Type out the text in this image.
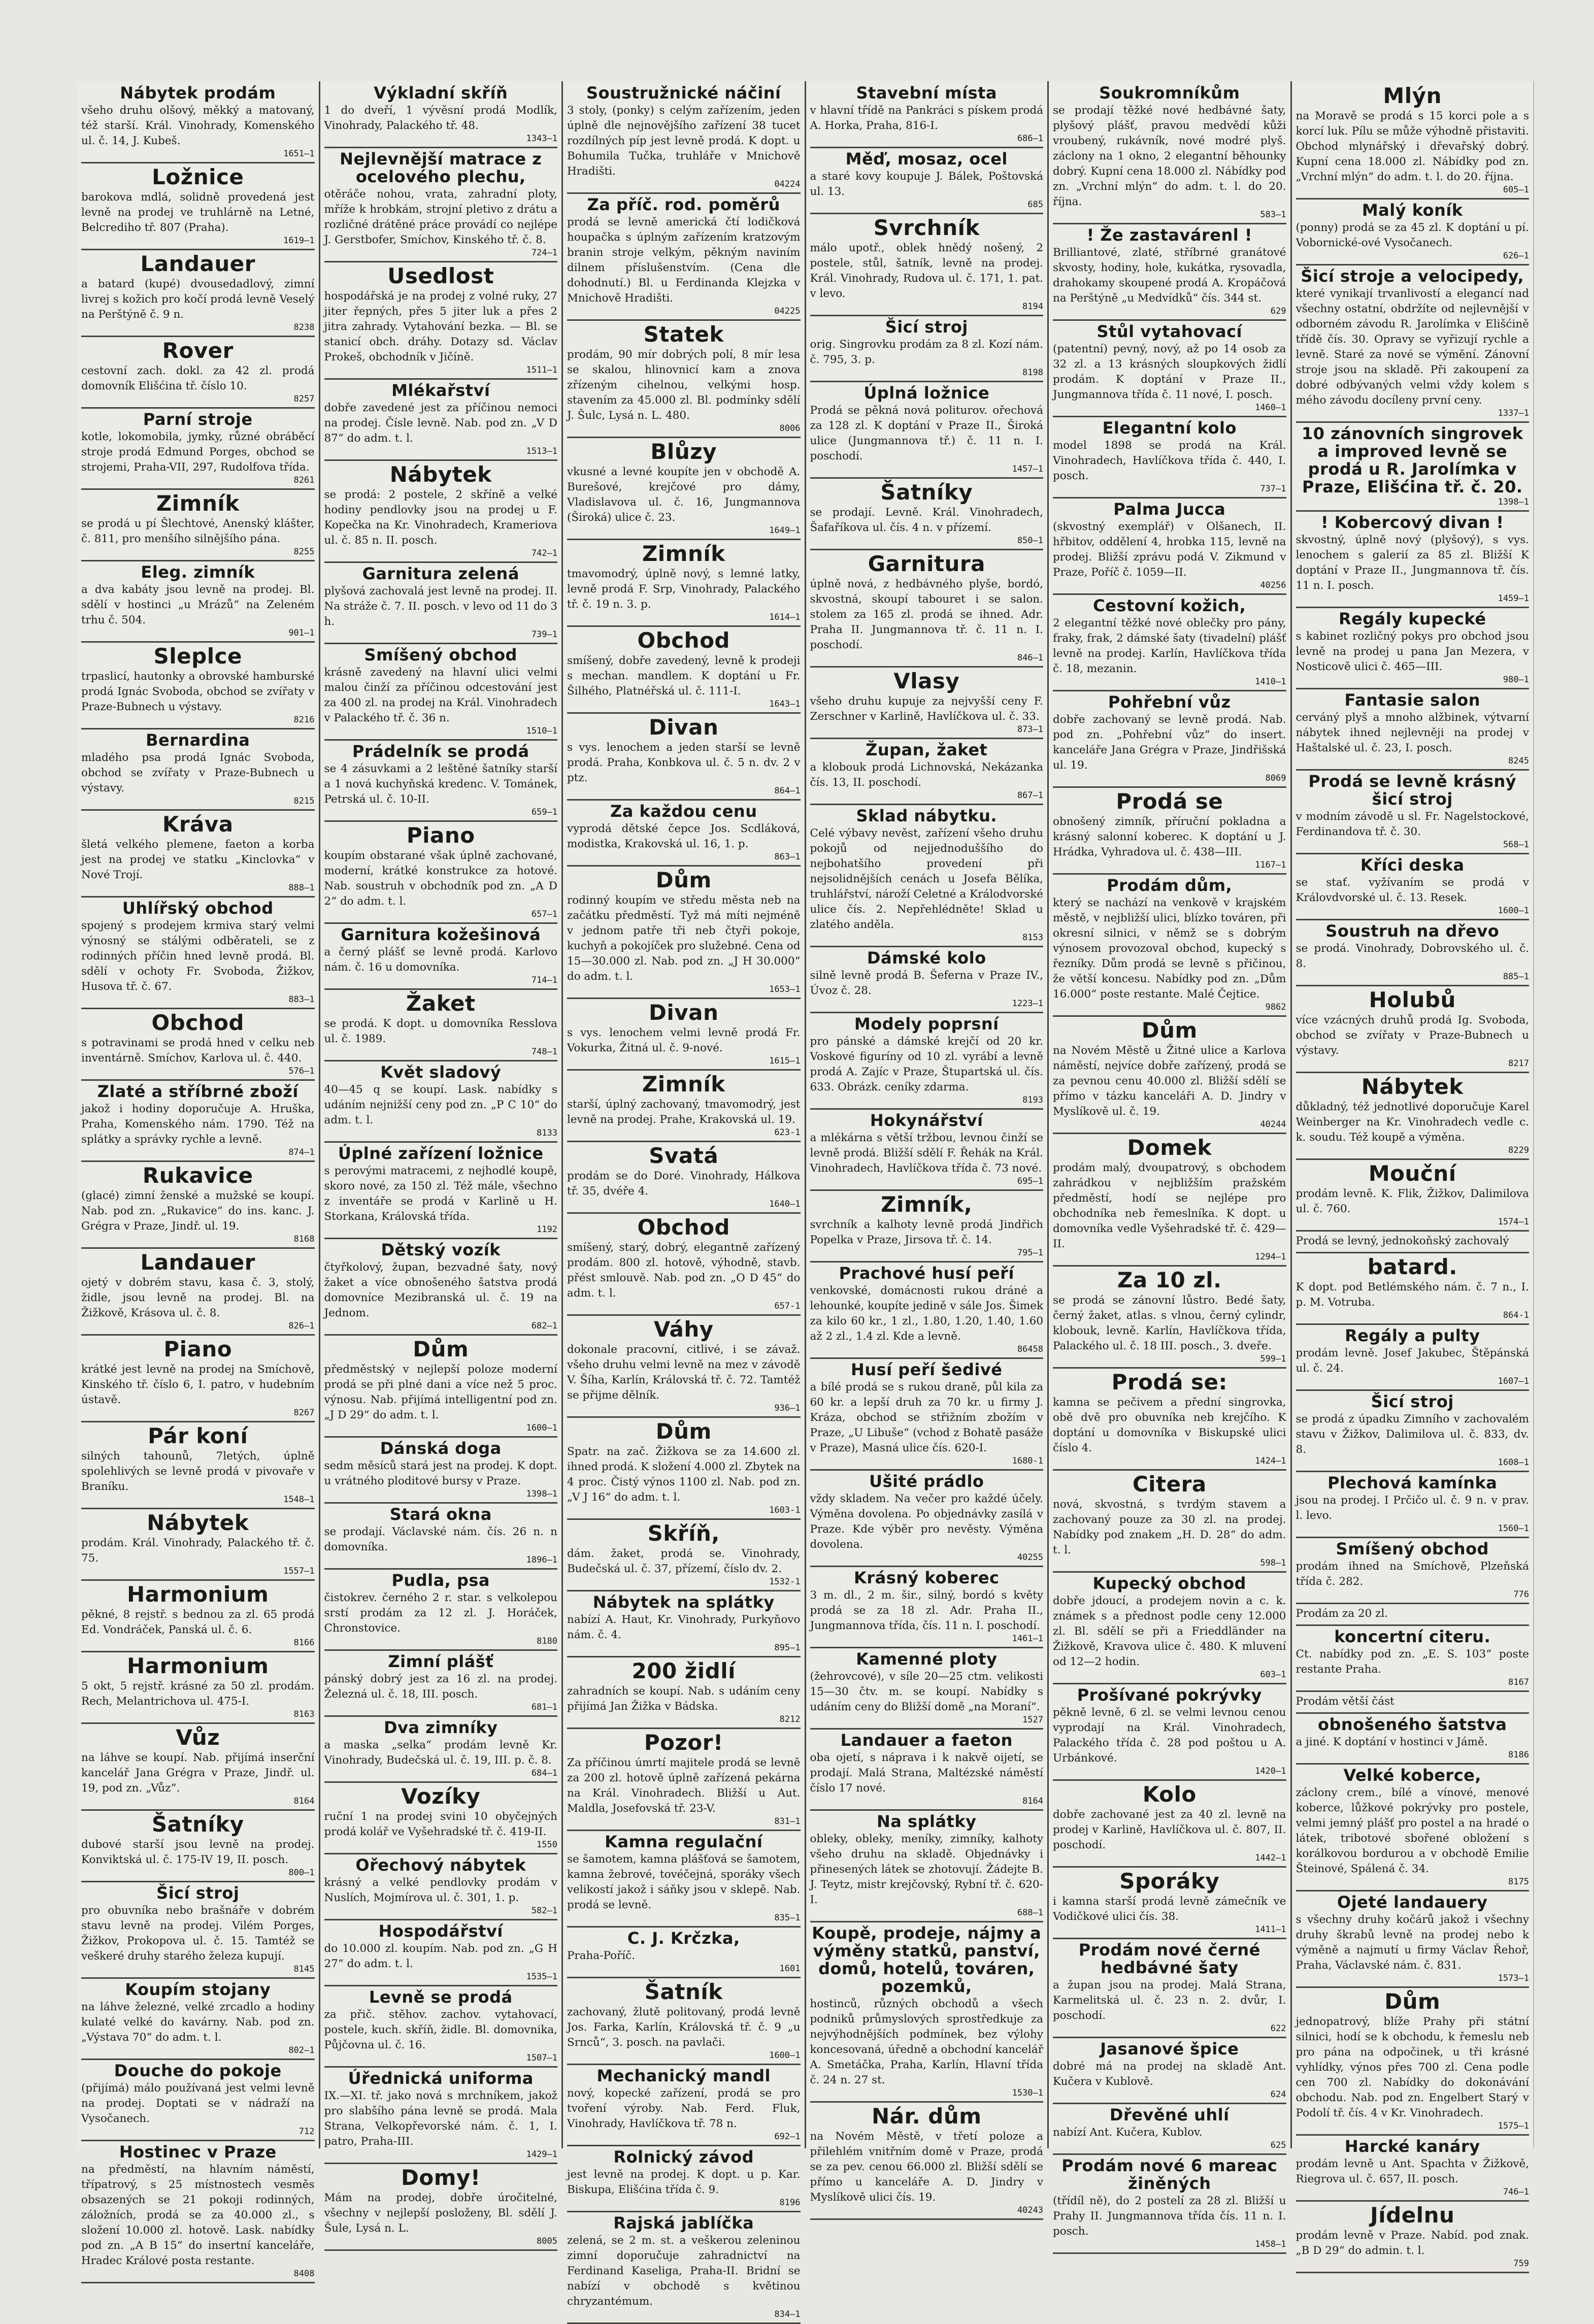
Nábytek prodám

všeho druhu olšový, měkký a matovaný, též starší. Král. Vinohrady, Komenského ul. č. 14, J. Kubeš.

1651—1

Ložnice

barokova mdlá, solidně provedená jest levně na prodej ve truhlárně na Letné, Belcrediho tř. 807 (Praha).

1619—1

Landauer

a batard (kupé) dvousedadlový, zimní livrej s kožich pro kočí prodá levně Veselý na Perštýně č. 9 n.

8238

Rover

cestovní zach. dokl. za 42 zl. prodá domovník Elišćina tř. číslo 10.

8257

Parní stroje

kotle, lokomobila, jymky, různé obráběcí stroje prodá Edmund Porges, obchod se strojemi, Praha-VII, 297, Rudolfova třída.

8261

Zimník

se prodá u pí Šlechtové, Anenský klášter, č. 811, pro menšího silnějšího pána.

8255

Eleg. zimník

a dva kabáty jsou levně na prodej. Bl. sdělí v hostinci „u Mrázů“ na Zeleném trhu č. 504.

901—1

Sleplce

trpaslicí, hautonky a obrovské hamburské prodá Ignác Svoboda, obchod se zvířaty v Praze-Bubnech u výstavy.

8216

Bernardina

mladého psa prodá Ignác Svoboda, obchod se zvířaty v Praze-Bubnech u výstavy.

8215

Kráva

šletá velkého plemene, faeton a korba jest na prodej ve statku „Kinclovka“ v Nové Trojí.

888—1

Uhlířský obchod

spojený s prodejem krmiva starý velmi výnosný se stálými odběrateli, se z rodinných příčin hned levně prodá. Bl. sdělí v ochoty Fr. Svoboda, Žižkov, Husova tř. č. 67.

883—1

Obchod

s potravinami se prodá hned v celku neb inventárně. Smíchov, Karlova ul. č. 440.

576—1

Zlaté a stříbrné zboží

jakož i hodiny doporučuje A. Hruška, Praha, Komenského nám. 1790. Též na splátky a správky rychle a levně.

874—1

Rukavice

(glacé) zimní ženské a mužské se koupí. Nab. pod zn. „Rukavice“ do ins. kanc. J. Grégra v Praze, Jindř. ul. 19.

8168

Landauer

ojetý v dobrém stavu, kasa č. 3, stolý, židle, jsou levně na prodej. Bl. na Žižkově, Krásova ul. č. 8.

826—1

Piano

krátké jest levně na prodej na Smíchově, Kinského tř. číslo 6, I. patro, v hudebním ústavě.

8267

Pár koní

silných tahounů, 7letých, úplně spolehlivých se levně prodá v pivovaře v Braníku.

1548—1

Nábytek

prodám. Král. Vinohrady, Palackého tř. č. 75.

1557—1

Harmonium

pěkné, 8 rejstř. s bednou za zl. 65 prodá Ed. Vondráček, Panská ul. č. 6.

8166

Harmonium

5 okt, 5 rejstř. krásné za 50 zl. prodám. Rech, Melantrichova ul. 475-I.

8163

Vůz

na láhve se koupí. Nab. přijímá inserční kancelář Jana Grégra v Praze, Jindř. ul. 19, pod zn. „Vůz“.

8164

Šatníky

dubové starší jsou levně na prodej. Konviktská ul. č. 175-IV 19, II. posch.

800—1

Šicí stroj

pro obuvníka nebo brašnáře v dobrém stavu levně na prodej. Vilém Porges, Žižkov, Prokopova ul. č. 15. Tamtéž se veškeré druhy starého železa kupují.

8145

Koupím stojany

na láhve železné, velké zrcadlo a hodiny kulaté velké do kavárny. Nab. pod zn. „Výstava 70“ do adm. t. l.

802—1

Douche do pokoje

(přijímá) málo používaná jest velmi levně na prodej. Doptati se v nádraží na Vysočanech.

712

Hostinec v Praze

na předměstí, na hlavním náměstí, třípatrový, s 25 místnostech vesměs obsazených se 21 pokoji rodinných, záložních, prodá se za 40.000 zl., s složení 10.000 zl. hotově. Lask. nabídky pod zn. „A B 15“ do insertní kanceláře, Hradec Králové posta restante.

8408

Výkladní skříň

1 do dveří, 1 vývěsní prodá Modlík, Vinohrady, Palackého tř. 48.

1343—1

Nejlevnější matrace z ocelového plechu,

otěráče nohou, vrata, zahradní ploty, mříže k hrobkám, strojní pletivo z drátu a rozličné drátěné práce provádí co nejlépe J. Gerstbofer, Smíchov, Kinského tř. č. 8.

724—1

Usedlost

hospodářská je na prodej z volné ruky, 27 jiter řepných, přes 5 jiter luk a přes 2 jitra zahrady. Vytahování bezka. — Bl. se stanicí obch. dráhy. Dotazy sd. Václav Prokeš, obchodník v Jičíně.

1511—1

Mlékařství

dobře zavedené jest za příčinou nemoci na prodej. Čísle levně. Nab. pod zn. „V D 87“ do adm. t. l.

1513—1

Nábytek

se prodá: 2 postele, 2 skříně a velké hodiny pendlovky jsou na prodej u F. Kopečka na Kr. Vinohradech, Krameriova ul. č. 85 n. II. posch.

742—1

Garnitura zelená

plyšová zachovalá jest levně na prodej. II. Na stráže č. 7. II. posch. v levo od 11 do 3 h.

739—1

Smíšený obchod

krásně zavedený na hlavní ulici velmi malou činží za příčinou odcestování jest za 400 zl. na prodej na Král. Vinohradech v Palackého tř. č. 36 n.

1510—1

Prádelník se prodá

se 4 zásuvkami a 2 leštěné šatníky starší a 1 nová kuchyňská kredenc. V. Tománek, Petrská ul. č. 10-II.

659—1

Piano

koupím obstarané však úplně zachované, moderní, krátké konstrukce za hotové. Nab. soustruh v obchodník pod zn. „A D 2“ do adm. t. l.

657—1

Garnitura kožešinová

a černý plášť se levně prodá. Karlovo nám. č. 16 u domovníka.

714—1

Žaket

se prodá. K dopt. u domovníka Resslova ul. č. 1989.

748—1

Květ sladový

40—45 q se koupí. Lask. nabídky s udáním nejnižší ceny pod zn. „P C 10“ do adm. t. l.

8133

Úplné zařízení ložnice

s perovými matracemi, z nejhodlé koupě, skoro nové, za 150 zl. Též mále, všechno z inventáře se prodá v Karlině u H. Storkana, Královská třída.

1192

Dětský vozík

čtyřkolový, župan, bezvadné šaty, nový žaket a více obnošeného šatstva prodá domovníce Mezibranská ul. č. 19 na Jednom.

682—1

Dům

předměstský v nejlepší poloze moderní prodá se při plné dani a více než 5 proc. výnosu. Nab. přijímá intelligentní pod zn. „J D 29“ do adm. t. l.

1600—1

Dánská doga

sedm měsíců stará jest na prodej. K dopt. u vrátného ploditové bursy v Praze.

1398—1

Stará okna

se prodají. Václavské nám. čís. 26 n. n domovníka.

1896—1

Pudla, psa

čistokrev. černého 2 r. star. s velkolepou srstí prodám za 12 zl. J. Horáček, Chronstovice.

8180

Zimní plášť

pánský dobrý jest za 16 zl. na prodej. Železná ul. č. 18, III. posch.

681—1

Dva zimníky

a maska „selka“ prodám levně Kr. Vinohrady, Budečská ul. č. 19, III. p. č. 8.

684—1

Vozíky

ruční 1 na prodej svini 10 obyčejných prodá kolář ve Vyšehradské tř. č. 419-II.

1550

Ořechový nábytek

krásný a velké pendlovky prodám v Nuslích, Mojmírova ul. č. 301, 1. p.

582—1

Hospodářství

do 10.000 zl. koupím. Nab. pod zn. „G H 27“ do adm. t. l.

1535—1

Levně se prodá

za přič. stěhov. zachov. vytahovací, postele, kuch. skříň, židle. Bl. domovnika, Půjčovna ul. č. 16.

1507—1

Úřednická uniforma

IX.—XI. tř. jako nová s mrchníkem, jakož pro slabšího pána levně se prodá. Mala Strana, Velkopřevorské nám. č. 1, I. patro, Praha-III.

1429—1

Domy!

Mám na prodej, dobře úročitelné, všechny v nejlepší posloženy, Bl. sdělí J. Šule, Lysá n. L.

8005

Soustružnické náčiní

3 stoly, (ponky) s celým zařízením, jeden úplně dle nejnovějšího zařízení 38 tucet rozdílných píp jest levně prodá. K dopt. u Bohumila Tučka, truhláře v Mnichově Hradišti.

04224

Za příč. rod. poměrů

prodá se levně americká čtí lodičková houpačka s úplným zařízením kratzovým branin stroje velkým, pěkným naviním dilnem příslušenstvím. (Cena dle dohodnutí.) Bl. u Ferdinanda Klejzka v Mnichově Hradišti.

04225

Statek

prodám, 90 mír dobrých polí, 8 mír lesa se skalou, hlinovnicí kam a znova zřízeným cihelnou, velkými hosp. stavením za 45.000 zl. Bl. podmínky sdělí J. Šulc, Lysá n. L. 480.

8006

Blůzy

vkusné a levné koupíte jen v obchodě A. Burešové, krejčové pro dámy, Vladislavova ul. č. 16, Jungmannova (Široká) ulice č. 23.

1649—1

Zimník

tmavomodrý, úplně nový, s lemné latky, levně prodá F. Srp, Vinohrady, Palackého tř. č. 19 n. 3. p.

1614—1

Obchod

smíšený, dobře zavedený, levně k prodeji s mechan. mandlem. K doptání u Fr. Šilhého, Platnéřská ul. č. 111-I.

1643—1

Divan

s vys. lenochem a jeden starší se levně prodá. Praha, Konbkova ul. č. 5 n. dv. 2 v ptz.

864—1

Za každou cenu

vyprodá dětské čepce Jos. Scdláková, modistka, Krakovská ul. 16, 1. p.

863—1

Dům

rodinný koupím ve středu města neb na začátku předměstí. Tyž má míti nejméně v jednom patře tři neb čtyři pokoje, kuchyň a pokojíček pro služebné. Cena od 15—30.000 zl. Nab. pod zn. „J H 30.000“ do adm. t. l.

1653—1

Divan

s vys. lenochem velmi levně prodá Fr. Vokurka, Žitná ul. č. 9-nové.

1615—1

Zimník

starší, úplný zachovaný, tmavomodrý, jest levně na prodej. Prahe, Krakovská ul. 19.

623-1

Svatá

prodám se do Doré. Vinohrady, Hálkova tř. 35, dvéře 4.

1640—1

Obchod

smíšený, starý, dobrý, elegantně zařízený prodám. 800 zl. hotově, výhodně, stavb. přést smlouvě. Nab. pod zn. „O D 45“ do adm. t. l.

657-1

Váhy

dokonale pracovní, citlivé, i se závaž. všeho druhu velmi levně na mez v závodě V. Šíha, Karlín, Královská tř. č. 72. Tamtéž se přijme dělník.

936—1

Dům

Spatr. na zač. Žižkova se za 14.600 zl. ihned prodá. K složení 4.000 zl. Zbytek na 4 proc. Čistý výnos 1100 zl. Nab. pod zn. „V J 16“ do adm. t. l.

1603-1

Skříň,

dám. žaket, prodá se. Vinohrady, Budečská ul. č. 37, přízemí, číslo dv. 2.

1532-1

Nábytek na splátky

nabízí A. Haut, Kr. Vinohrady, Purkyňovo nám. č. 4.

895—1

200 židlí

zahradních se koupí. Nab. s udáním ceny přijímá Jan Žižka v Bádska.

8212

Pozor!

Za příčinou úmrtí majitele prodá se levně za 200 zl. hotově úplně zařízená pekárna na Král. Vinohradech. Bližší u Aut. Maldla, Josefovská tř. 23-V.

831—1

Kamna regulační

se šamotem, kamna plášťová se šamotem, kamna žebrové, tovéčejná, sporáky všech velikostí jakož i sáňky jsou v sklepě. Nab. prodá se levně.

835—1

C. J. Krčzka,

Praha-Poříč.

1601

Šatník

zachovaný, žlutě politovaný, prodá levně Jos. Farka, Karlín, Královská tř. č. 9 „u Srnců“, 3. posch. na pavlači.

1600—1

Mechanický mandl

nový, kopecké zařízení, prodá se pro tvoření výroby. Nab. Ferd. Fluk, Vinohrady, Havlíčkova tř. 78 n.

692—1

Rolnický závod

jest levně na prodej. K dopt. u p. Kar. Biskupa, Elišćina třída č. 9.

8196

Rajská jablíčka

zelená, se 2 m. st. a veškerou zeleninou zimní doporučuje zahradnictví na Ferdinand Kaseliga, Praha-II. Bridní se nabízí v obchodě s květinou chryzantémum.

834—1

Stavební místa

v hlavní třídě na Pankráci s pískem prodá A. Horka, Praha, 816-I.

686—1

Měď, mosaz, ocel

a staré kovy koupuje J. Bálek, Poštovská ul. 13.

685

Svrchník

málo upotř., oblek hnědý nošený, 2 postele, stůl, šatník, levně na prodej. Král. Vinohrady, Rudova ul. č. 171, 1. pat. v levo.

8194

Šicí stroj

orig. Singrovku prodám za 8 zl. Kozí nám. č. 795, 3. p.

8198

Úplná ložnice

Prodá se pěkná nová politurov. ořechová za 128 zl. K doptání v Praze II., Široká ulice (Jungmannova tř.) č. 11 n. I. poschodí.

1457—1

Šatníky

se prodají. Levně. Král. Vinohradech, Šafaříkova ul. čís. 4 n. v přízemí.

850—1

Garnitura

úplně nová, z hedbávného plyše, bordó, skvostná, skoupí tabouret i se salon. stolem za 165 zl. prodá se ihned. Adr. Praha II. Jungmannova tř. č. 11 n. I. poschodí.

846—1

Vlasy

všeho druhu kupuje za nejvyšší ceny F. Zerschner v Karlině, Havlíčkova ul. č. 33.

873—1

Župan, žaket

a klobouk prodá Lichnovská, Nekázanka čís. 13, II. poschodí.

867—1

Sklad nábytku.

Celé výbavy nevěst, zařízení všeho druhu pokojů od nejjednoduššího do nejbohatšího provedení při nejsolidnějších cenách u Josefa Bělíka, truhlářství, nároží Celetné a Králodvorské ulice čís. 2. Nepřehlédněte! Sklad u zlatého anděla.

8153

Dámské kolo

silně levně prodá B. Šeferna v Praze IV., Úvoz č. 28.

1223—1

Modely poprsní

pro pánské a dámské krejčí od 20 kr. Voskové figuríny od 10 zl. vyrábí a levně prodá A. Zajíc v Praze, Štupartská ul. čís. 633. Obrázk. ceníky zdarma.

8193

Hokynářství

a mlékárna s větší tržbou, levnou činží se levně prodá. Bližší sdělí F. Řehák na Král. Vinohradech, Havlíčkova třída č. 73 nové.

695—1

Zimník,

svrchník a kalhoty levně prodá Jindřich Popelka v Praze, Jirsova tř. č. 14.

795—1

Prachové husí peří

venkovské, domácnosti rukou dráné a lehounké, koupíte jedině v sále Jos. Šimek za kilo 60 kr., 1 zl., 1.80, 1.20, 1.40, 1.60 až 2 zl., 1.4 zl. Kde a levně.

86458

Husí peří šedivé

a bílé prodá se s rukou draně, půl kila za 60 kr. a lepší druh za 70 kr. u firmy J. Kráza, obchod se střižním zbožím v Praze, „U Libuše“ (vchod z Bohatě pasáže v Praze), Masná ulice čís. 620-I.

1680-1

Ušité prádlo

vždy skladem. Na večer pro každé účely. Výměna dovolena. Po objednávky zasílá v Praze. Kde výběr pro nevěsty. Výměna dovolena.

40255

Krásný koberec

3 m. dl., 2 m. šir., silný, bordó s květy prodá se za 18 zl. Adr. Praha II., Jungmannova třída, čís. 11 n. I. poschodí.

1461—1

Kamenné ploty

(žehrovcové), v síle 20—25 ctm. velikosti 15—30 čtv. m. se koupí. Nabídky s udáním ceny do Bližší domě „na Moraní“.

1527

Landauer a faeton

oba ojetí, s náprava i k nakvě oijetí, se prodají. Malá Strana, Maltézské náměstí číslo 17 nové.

8164

Na splátky

obleky, obleky, meníky, zimníky, kalhoty všeho druhu na skladě. Objednávky i přinesených látek se zhotovují. Žádejte B. J. Teytz, mistr krejčovský, Rybní tř. č. 620-I.

688—1

Koupě, prodeje, nájmy a výměny statků, panství, domů, hotelů, továren, pozemků,

hostinců, různých obchodů a všech podniků průmyslových sprostředkuje za nejvýhodnějších podmínek, bez výlohy koncesovaná, úředně a obchodní kancelář A. Smetáčka, Praha, Karlín, Hlavní třída č. 24 n. 27 st.

1530—1

Nár. dům

na Novém Městě, v třetí poloze a přilehlém vnitřním domě v Praze, prodá se za pev. cenou 66.000 zl. Bližší sdělí se přímo u kanceláře A. D. Jindry v Myslíkově ulici čís. 19.

40243

Soukromníkům

se prodají těžké nové hedbávné šaty, plyšový plášť, pravou medvědí kůži vroubený, rukávník, nové modré plyš. záclony na 1 okno, 2 elegantní běhounky dobrý. Kupní cena 18.000 zl. Nábídky pod zn. „Vrchní mlýn“ do adm. t. l. do 20. října.

583—1

! Že zastavárenl !

Brilliantové, zlaté, stříbrné granátové skvosty, hodiny, hole, kukátka, rysovadla, drahokamy skoupené prodá A. Kropáčová na Perštýně „u Medvídků“ čís. 344 st.

629

Stůl vytahovací

(patentní) pevný, nový, až po 14 osob za 32 zl. a 13 krásných sloupkových židlí prodám. K doptání v Praze II., Jungmannova třída č. 11 nové, I. posch.

1460—1

Elegantní kolo

model 1898 se prodá na Král. Vinohradech, Havlíčkova třída č. 440, I. posch.

737—1

Palma Jucca

(skvostný exemplář) v Olšanech, II. hřbitov, oddělení 4, hrobka 115, levně na prodej. Bližší zprávu podá V. Zikmund v Praze, Poříč č. 1059—II.

40256

Cestovní kožich,

2 elegantní těžké nové oblečky pro pány, fraky, frak, 2 dámské šaty (tivadelní) plášť levně na prodej. Karlín, Havlíčkova třída č. 18, mezanin.

1410—1

Pohřební vůz

dobře zachovaný se levně prodá. Nab. pod zn. „Pohřební vůz“ do insert. kanceláře Jana Grégra v Praze, Jindřišská ul. 19.

8069

Prodá se

obnošený zimník, příruční pokladna a krásný salonní koberec. K doptání u J. Hrádka, Vyhradova ul. č. 438—III.

1167—1

Prodám dům,

který se nachází na venkově v krajském městě, v nejbližší ulici, blízko továren, při okresní silnici, v němž se s dobrým výnosem provozoval obchod, kupecký s řezníky. Dům prodá se levně s přičinou, že větší koncesu. Nabídky pod zn. „Dům 16.000“ poste restante. Malé Čejtice.

9862

Dům

na Novém Městě u Žitné ulice a Karlova náměstí, nejvíce dobře zařízený, prodá se za pevnou cenu 40.000 zl. Bližší sdělí se přímo v tázku kanceláři A. D. Jindry v Myslíkově ul. č. 19.

40244

Domek

prodám malý, dvoupatrový, s obchodem zahrádkou v nejbližším pražském předměstí, hodí se nejlépe pro obchodníka neb řemeslníka. K dopt. u domovníka vedle Vyšehradské tř. č. 429—II.

1294—1

Za 10 zl.

se prodá se zánovní lůstro. Bedé šaty, černý žaket, atlas. s vlnou, černý cylindr, klobouk, levně. Karlín, Havlíčkova třída, Palackého ul. č. 18 III. posch., 3. dveře.

599—1

Prodá se:

kamna se pečivem a přední singrovka, obě dvě pro obuvníka neb krejčího. K doptání u domovníka v Biskupské ulici číslo 4.

1424—1

Citera

nová, skvostná, s tvrdým stavem a zachovaný pouze za 30 zl. na prodej. Nabídky pod znakem „H. D. 28“ do adm. t. l.

598—1

Kupecký obchod

dobře jdoucí, a prodejem novin a c. k. známek s a přednost podle ceny 12.000 zl. Bl. sdělí se při a Frieddländer na Žižkově, Kravova ulice č. 480. K mluvení od 12—2 hodin.

603—1

Prošívané pokrývky

pěkně levně, 6 zl. se velmi levnou cenou vyprodají na Král. Vinohradech, Palackého třída č. 28 pod poštou u A. Urbánkové.

1420—1

Kolo

dobře zachované jest za 40 zl. levně na prodej v Karlině, Havlíčkova ul. č. 807, II. poschodí.

1442—1

Sporáky

i kamna starší prodá levně zámečník ve Vodičkové ulici čís. 38.

1411—1

Prodám nové černé hedbávné šaty

a župan jsou na prodej. Malá Strana, Karmelitská ul. č. 23 n. 2. dvůr, I. poschodí.

622

Jasanové špice

dobré má na prodej na skladě Ant. Kučera v Kublově.

624

Dřevěné uhlí

nabízí Ant. Kučera, Kublov.

625

Prodám nové 6 mareac žiněných

(třídíl ně), do 2 postelí za 28 zl. Bližší u Prahy II. Jungmannova třída čís. 11 n. I. posch.

1458—1

Mlýn

na Moravě se prodá s 15 korci pole a s korcí luk. Pílu se může výhodně přistaviti. Obchod mlynářský i dřevařský dobrý. Kupní cena 18.000 zl. Nábídky pod zn. „Vrchní mlýn“ do adm. t. l. do 20. října.

605—1

Malý koník

(ponny) prodá se za 45 zl. K doptání u pí. Vobornické-ové Vysočanech.

626—1

Šicí stroje a velocipedy,

které vynikají trvanlivostí a elegancí nad všechny ostatní, obdržíte od nejlevnější v odborném závodu R. Jarolímka v Elišćině třídě čís. 30. Opravy se vyřizují rychle a levně. Staré za nové se výmění. Zánovní stroje jsou na skladě. Při zakoupení za dobré odbývaných velmi vždy kolem s mého závodu docíleny první ceny.

1337—1

10 zánovních singrovek a improved levně se prodá u R. Jarolímka v Praze, Elišćina tř. č. 20.

1398—1

! Kobercový divan !

skvostný, úplně nový (plyšový), s vys. lenochem s galerií za 85 zl. Bližší K doptání v Praze II., Jungmannova tř. čís. 11 n. I. posch.

1459—1

Regály kupecké

s kabinet rozličný pokys pro obchod jsou levně na prodej u pana Jan Mezera, v Nosticově ulici č. 465—III.

980—1

Fantasie salon

cerváný plyš a mnoho alžbinek, výtvarní nábytek ihned nejlevněji na prodej v Haštalské ul. č. 23, I. posch.

8245

Prodá se levně krásný šicí stroj

v modním závodě u sl. Fr. Nagelstockové, Ferdinandova tř. č. 30.

568—1

Kříci deska

se stať. vyžívaním se prodá v Královdvorské ul. č. 13. Resek.

1600—1

Soustruh na dřevo

se prodá. Vinohrady, Dobrovského ul. č. 8.

885—1

Holubů

více vzácných druhů prodá Ig. Svoboda, obchod se zvířaty v Praze-Bubnech u výstavy.

8217

Nábytek

důkladný, též jednotlivé doporučuje Karel Weinberger na Kr. Vinohradech vedle c. k. soudu. Též koupě a výměna.

8229

Mouční

prodám levně. K. Flik, Žižkov, Dalimilova ul. č. 760.

1574—1

Prodá se levný, jednokoňský zachovalý

batard.

K dopt. pod Betlémského nám. č. 7 n., I. p. M. Votruba.

864-1

Regály a pulty

prodám levně. Josef Jakubec, Štěpánská ul. č. 24.

1607—1

Šicí stroj

se prodá z úpadku Zimního v zachovalém stavu v Žižkov, Dalimilova ul. č. 833, dv. 8.

1608—1

Plechová kamínka

jsou na prodej. I Prčičo ul. č. 9 n. v prav. l. levo.

1560—1

Smíšený obchod

prodám ihned na Smíchově, Plzeňská třída č. 282.

776

Prodám za 20 zl.

koncertní citeru.

Ct. nabídky pod zn. „E. S. 103“ poste restante Praha.

8167

Prodám větší část

obnošeného šatstva

a jiné. K doptání v hostinci v Jámě.

8186

Velké koberce,

záclony crem., bílé a vínové, menové koberce, lůžkové pokrývky pro postele, velmi jemný plášť pro postel a na hradé o látek, tribotové sbořené obložení s korálkovou bordurou a v obchodě Emilie Šteinové, Spálená č. 34.

8175

Ojeté landauery

s všechny druhy kočárů jakož i všechny druhy škrabů levně na prodej nebo k výměně a najmutí u firmy Václav Řehoř, Praha, Václavské nám. č. 831.

1573—1

Dům

jednopatrový, blíže Prahy při státní silnici, hodí se k obchodu, k řemeslu neb pro pána na odpočinek, u tři krásné vyhlídky, výnos přes 700 zl. Cena podle cen 700 zl. Nabídky do dokonávání obchodu. Nab. pod zn. Engelbert Starý v Podolí tř. čís. 4 v Kr. Vinohradech.

1575—1

Harcké kanáry

prodám levně u Ant. Spachta v Žižkově, Riegrova ul. č. 657, II. posch.

746—1

Jídelnu

prodám levně v Praze. Nabíd. pod znak. „B D 29“ do admin. t. l.

759
